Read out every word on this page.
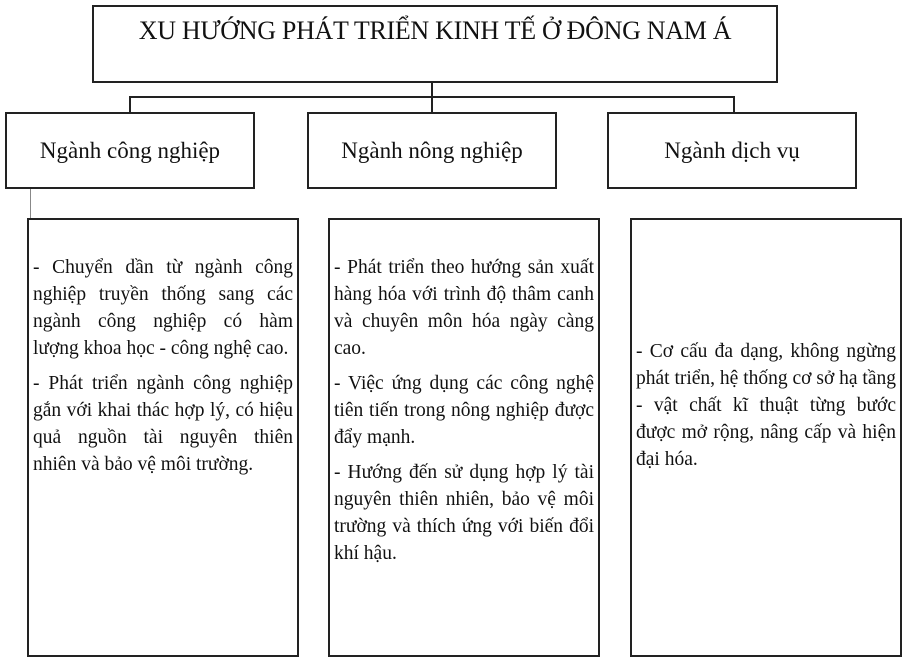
XU HƯỚNG PHÁT TRIỂN KINH TẾ Ở ĐÔNG NAM Á
Ngành công nghiệp	Ngành nông nghiệp	Ngành dịch vụ

- Chuyển dần từ ngành công nghiệp truyền thống sang các ngành công nghiệp có hàm lượng khoa học - công nghệ cao.

- Phát triển ngành công nghiệp gắn với khai thác hợp lý, có hiệu quả nguồn tài nguyên thiên nhiên và bảo vệ môi trường.

- Phát triển theo hướng sản xuất hàng hóa với trình độ thâm canh và chuyên môn hóa ngày càng cao.

- Việc ứng dụng các công nghệ tiên tiến trong nông nghiệp được đẩy mạnh.

- Hướng đến sử dụng hợp lý tài nguyên thiên nhiên, bảo vệ môi trường và thích ứng với biến đổi khí hậu.

- Cơ cấu đa dạng, không ngừng phát triển, hệ thống cơ sở hạ tầng - vật chất kĩ thuật từng bước được mở rộng, nâng cấp và hiện đại hóa.
